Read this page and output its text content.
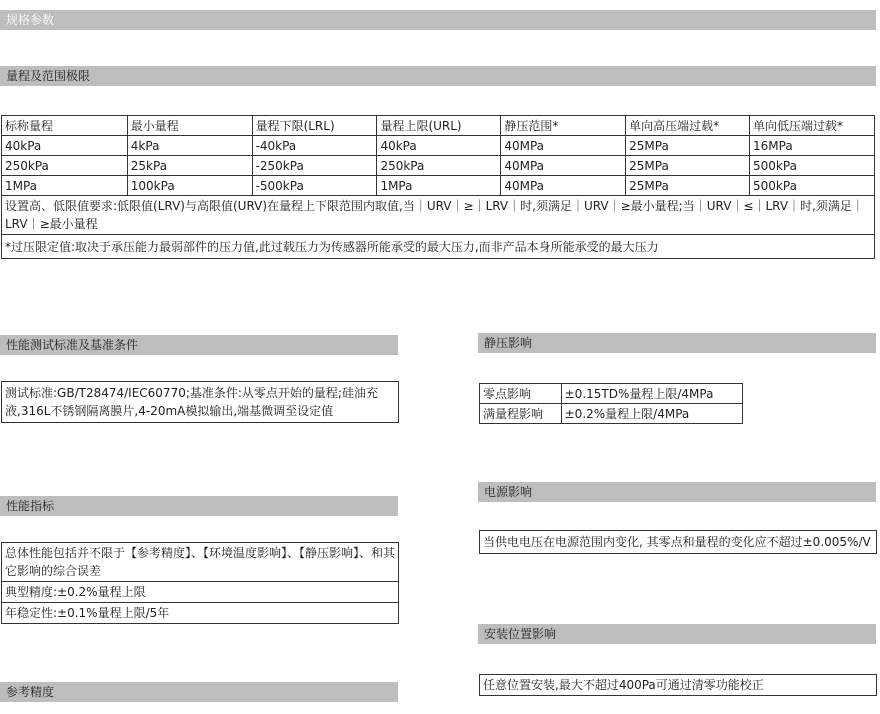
规格参数
量程及范围极限
标称量程	最小量程	量程下限(LRL)	量程上限(URL)	静压范围*	单向高压端过载*	单向低压端过载*
40kPa	4kPa	-40kPa	40kPa	40MPa	25MPa	16MPa
250kPa	25kPa	-250kPa	250kPa	40MPa	25MPa	500kPa
1MPa	100kPa	-500kPa	1MPa	40MPa	25MPa	500kPa
设置高、低限值要求:低限值(LRV)与高限值(URV)在量程上下限范围内取值,当｜URV｜≥｜LRV｜时,须满足｜URV｜≥最小量程;当｜URV｜≤｜LRV｜时,须满足｜LRV｜≥最小量程						
*过压限定值:取决于承压能力最弱部件的压力值,此过载压力为传感器所能承受的最大压力,而非产品本身所能承受的最大压力						
性能测试标准及基准条件
测试标准:GB/T28474/IEC60770;基准条件:从零点开始的量程;硅油充液,316L不锈钢隔离膜片,4-20mA模拟输出,端基微调至设定值
性能指标
总体性能包括并不限于【参考精度】、【环境温度影响】、【静压影响】、和其它影响的综合误差
典型精度:±0.2%量程上限
年稳定性:±0.1%量程上限/5年
参考精度
静压影响
零点影响	±0.15TD%量程上限/4MPa
满量程影响	±0.2%量程上限/4MPa
电源影响
当供电电压在电源范围内变化, 其零点和量程的变化应不超过±0.005%/V
安装位置影响
任意位置安装,最大不超过400Pa可通过清零功能校正
